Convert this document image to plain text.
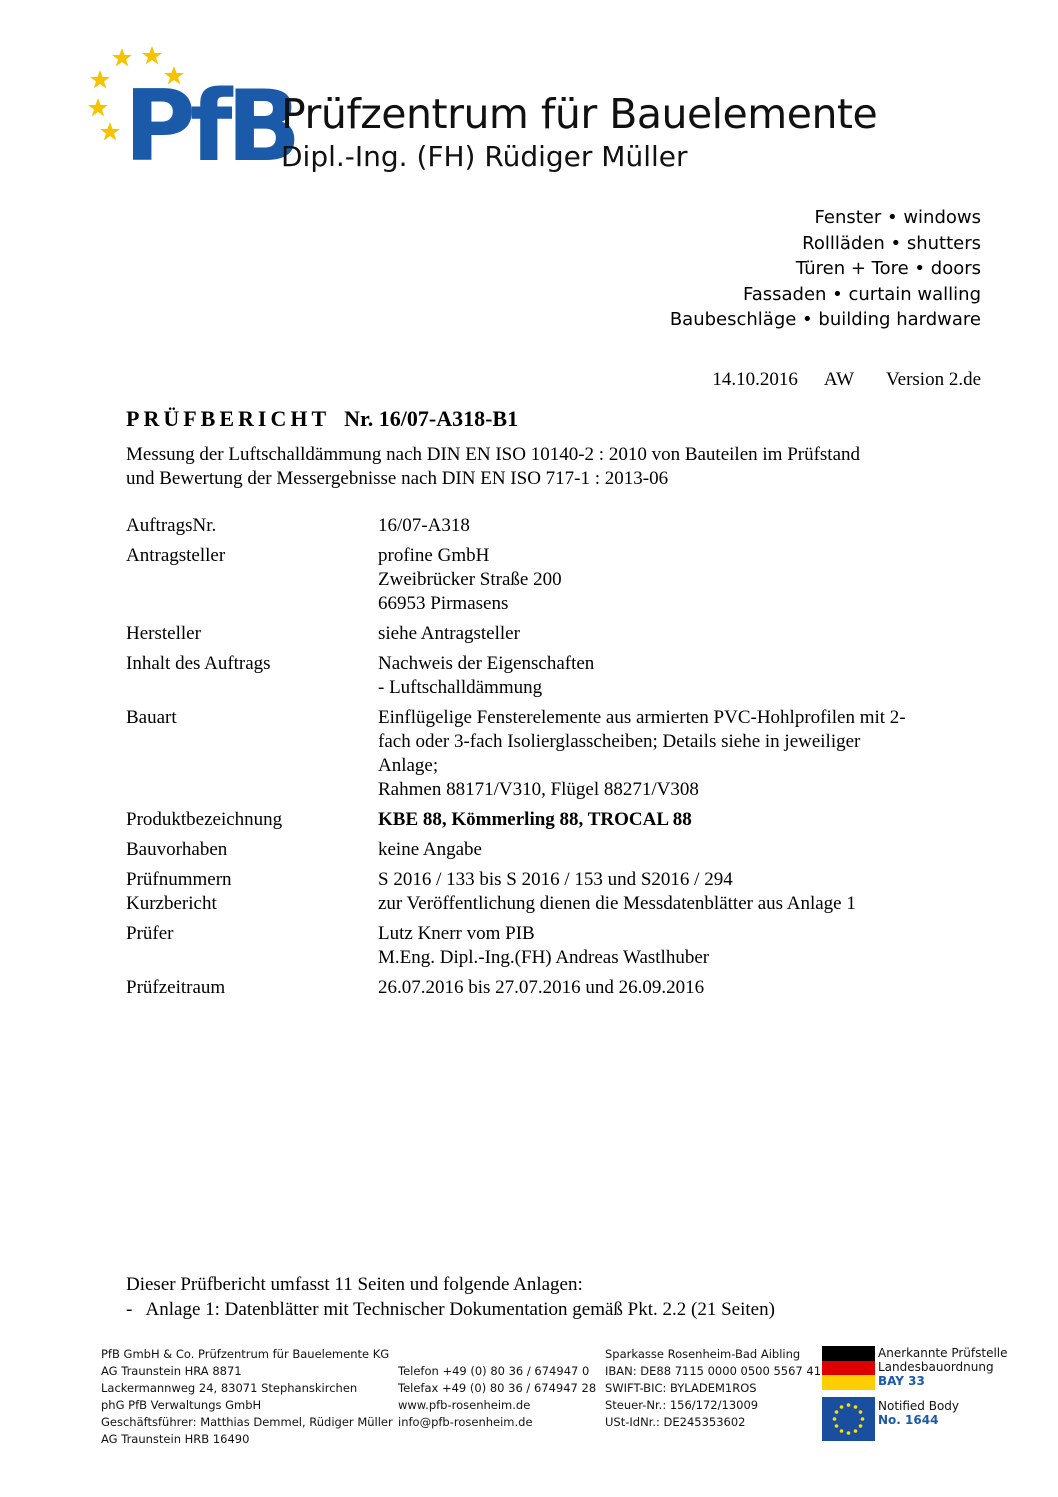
PfB
Prüfzentrum für Bauelemente
Dipl.-Ing. (FH) Rüdiger Müller
Fenster • windows
Rollläden • shutters
Türen + Tore • doors
Fassaden • curtain walling
Baubeschläge • building hardware
14.10.2016 AW Version 2.de
PRÜFBERICHT Nr. 16/07-A318-B1
Messung der Luftschalldämmung nach DIN EN ISO 10140-2 : 2010 von Bauteilen im Prüfstand
und Bewertung der Messergebnisse nach DIN EN ISO 717-1 : 2013-06
AuftragsNr.	16/07-A318
Antragsteller	profine GmbH
Zweibrücker Straße 200
66953 Pirmasens
Hersteller	siehe Antragsteller
Inhalt des Auftrags	Nachweis der Eigenschaften
- Luftschalldämmung
Bauart	Einflügelige Fensterelemente aus armierten PVC-Hohlprofilen mit 2-
fach oder 3-fach Isolierglasscheiben; Details siehe in jeweiliger
Anlage;
Rahmen 88171/V310, Flügel 88271/V308
Produktbezeichnung	KBE 88, Kömmerling 88, TROCAL 88
Bauvorhaben	keine Angabe
Prüfnummern	S 2016 / 133 bis S 2016 / 153 und S2016 / 294
Kurzbericht	zur Veröffentlichung dienen die Messdatenblätter aus Anlage 1
Prüfer	Lutz Knerr vom PIB
M.Eng. Dipl.-Ing.(FH) Andreas Wastlhuber
Prüfzeitraum	26.07.2016 bis 27.07.2016 und 26.09.2016
Dieser Prüfbericht umfasst 11 Seiten und folgende Anlagen:
-   Anlage 1: Datenblätter mit Technischer Dokumentation gemäß Pkt. 2.2 (21 Seiten)
PfB GmbH & Co. Prüfzentrum für Bauelemente KG
AG Traunstein HRA 8871
Lackermannweg 24, 83071 Stephanskirchen
phG PfB Verwaltungs GmbH
Geschäftsführer: Matthias Demmel, Rüdiger Müller
AG Traunstein HRB 16490
Telefon +49 (0) 80 36 / 674947 0
Telefax +49 (0) 80 36 / 674947 28
www.pfb-rosenheim.de
info@pfb-rosenheim.de
Sparkasse Rosenheim-Bad Aibling
IBAN: DE88 7115 0000 0500 5567 41
SWIFT-BIC: BYLADEM1ROS
Steuer-Nr.: 156/172/13009
USt-IdNr.: DE245353602
Anerkannte Prüfstelle
Landesbauordnung
BAY 33
Notified Body
No. 1644
